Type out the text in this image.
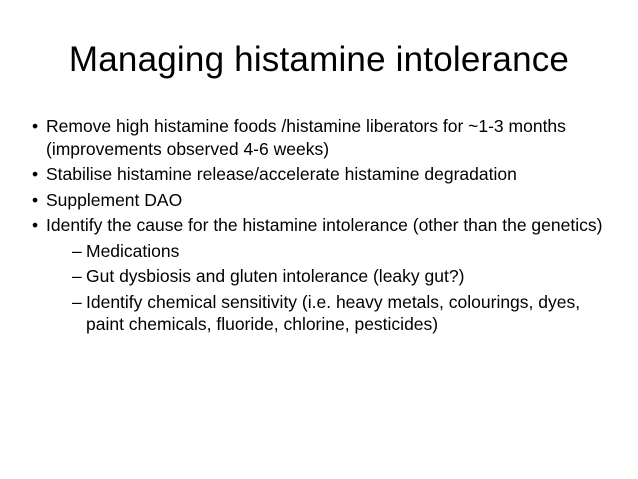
Managing histamine intolerance
• Remove high histamine foods /histamine liberators for ~1-3 months (improvements observed 4-6 weeks)
• Stabilise histamine release/accelerate histamine degradation
• Supplement DAO
• Identify the cause for the histamine intolerance (other than the genetics)
– Medications
– Gut dysbiosis and gluten intolerance (leaky gut?)
– Identify chemical sensitivity (i.e. heavy metals, colourings, dyes, paint chemicals, fluoride, chlorine, pesticides)
